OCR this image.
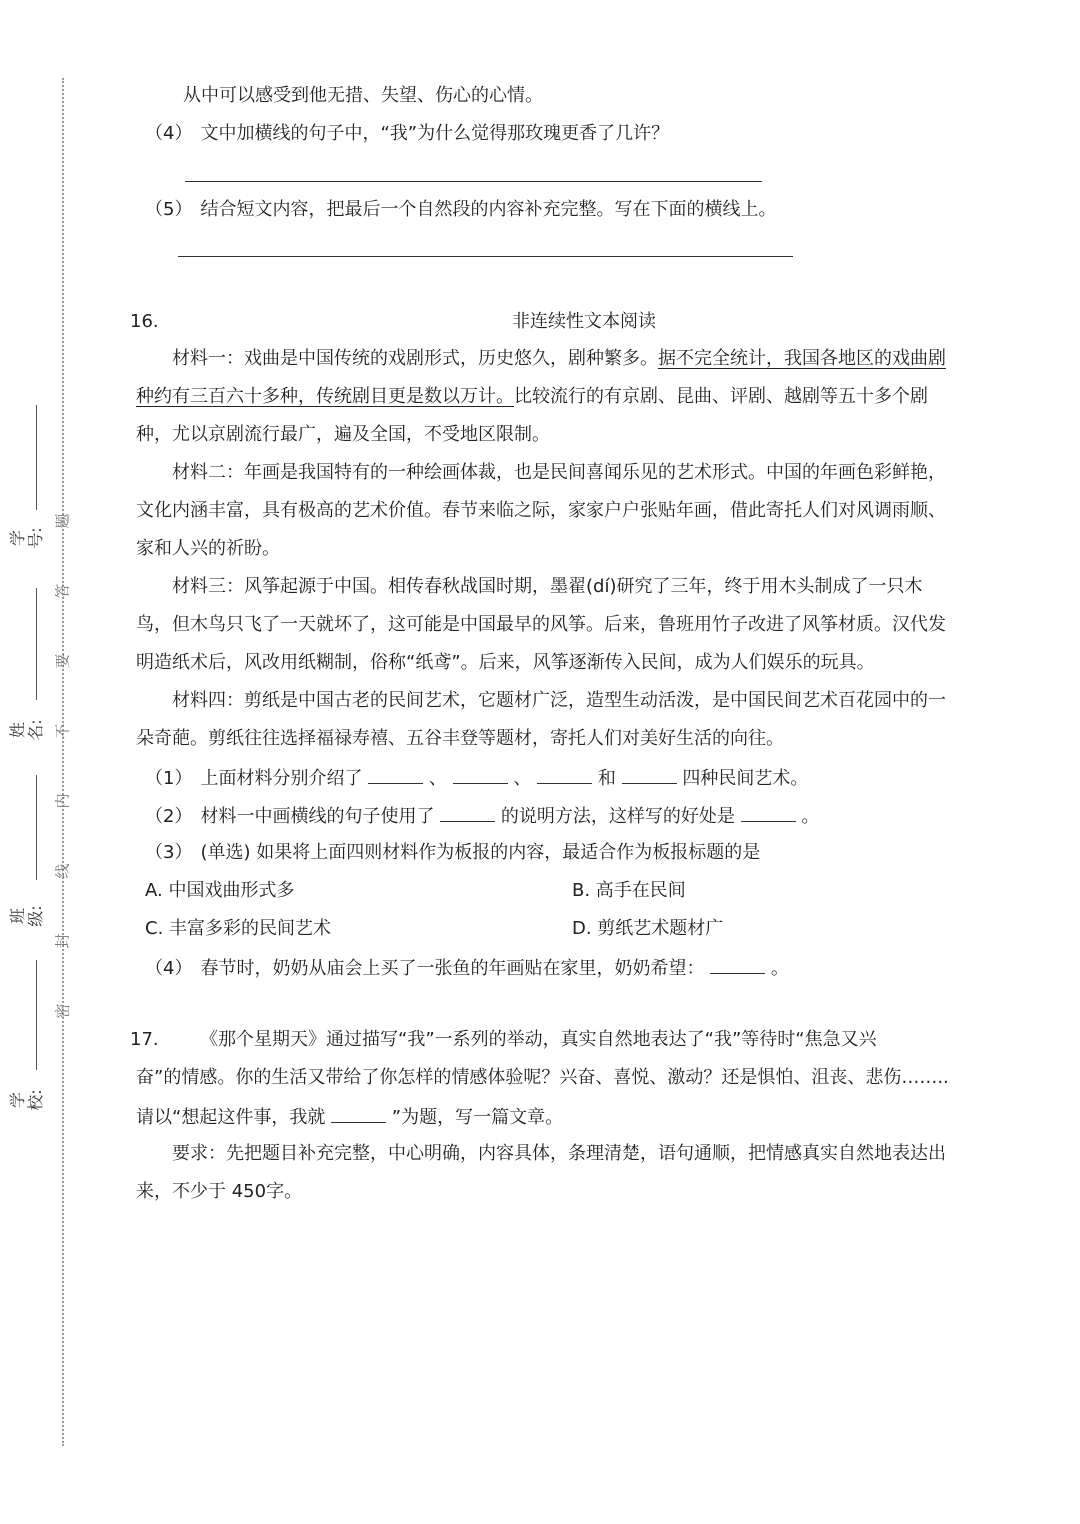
学号:
姓名:
班级:
学校:
题
答
要
不
内
线
封
密
从中可以感受到他无措、失望、伤心的心情。
（4） 文中加横线的句子中，“我”为什么觉得那玫瑰更香了几许？
（5） 结合短文内容，把最后一个自然段的内容补充完整。写在下面的横线上。
16.	非连续性文本阅读
材料一：戏曲是中国传统的戏剧形式，历史悠久，剧种繁多。据不完全统计，我国各地区的戏曲剧
种约有三百六十多种，传统剧目更是数以万计。比较流行的有京剧、昆曲、评剧、越剧等五十多个剧
种，尤以京剧流行最广，遍及全国，不受地区限制。
材料二：年画是我国特有的一种绘画体裁，也是民间喜闻乐见的艺术形式。中国的年画色彩鲜艳，
文化内涵丰富，具有极高的艺术价值。春节来临之际，家家户户张贴年画，借此寄托人们对风调雨顺、
家和人兴的祈盼。
材料三：风筝起源于中国。相传春秋战国时期，墨翟(dí)研究了三年，终于用木头制成了一只木
鸟，但木鸟只飞了一天就坏了，这可能是中国最早的风筝。后来，鲁班用竹子改进了风筝材质。汉代发
明造纸术后，风改用纸糊制，俗称“纸鸢”。后来，风筝逐渐传入民间，成为人们娱乐的玩具。
材料四：剪纸是中国古老的民间艺术，它题材广泛，造型生动活泼，是中国民间艺术百花园中的一
朵奇葩。剪纸往往选择福禄寿禧、五谷丰登等题材，寄托人们对美好生活的向往。
（1） 上面材料分别介绍了	、	、	和	四种民间艺术。
（2） 材料一中画横线的句子使用了	的说明方法，这样写的好处是	。
（3） (单选) 如果将上面四则材料作为板报的内容，最适合作为板报标题的是
A. 中国戏曲形式多	B. 高手在民间
C. 丰富多彩的民间艺术	D. 剪纸艺术题材广
（4） 春节时，奶奶从庙会上买了一张鱼的年画贴在家里，奶奶希望：	。
17. 《那个星期天》通过描写“我”一系列的举动，真实自然地表达了“我”等待时“焦急又兴
奋”的情感。你的生活又带给了你怎样的情感体验呢？兴奋、喜悦、激动？还是惧怕、沮丧、悲伤……..
请以“想起这件事，我就	”为题，写一篇文章。
要求：先把题目补充完整，中心明确，内容具体，条理清楚，语句通顺，把情感真实自然地表达出
来，不少于 450字。
